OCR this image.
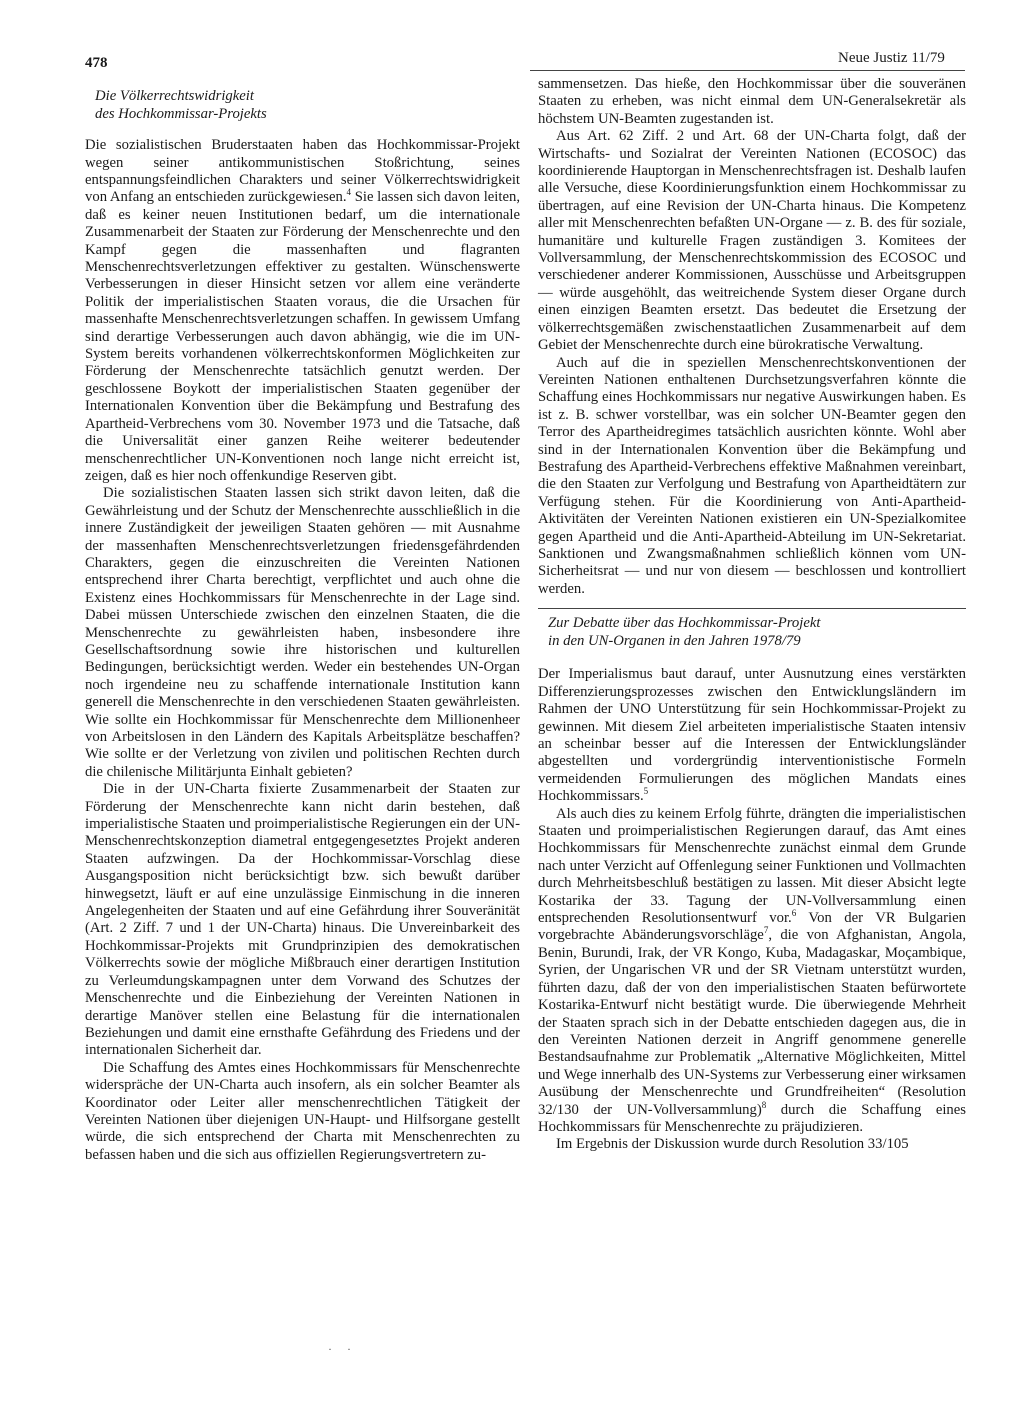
478	Neue Justiz 11/79
Die Völkerrechtswidrigkeit
des Hochkommissar-Projekts

Die sozialistischen Bruderstaaten haben das Hochkommissar-Projekt wegen seiner antikommunistischen Stoßrichtung, seines entspannungsfeindlichen Charakters und seiner Völkerrechtswidrigkeit von Anfang an entschieden zurückgewiesen.$^4$ Sie lassen sich davon leiten, daß es keiner neuen Institutionen bedarf, um die internationale Zusammenarbeit der Staaten zur Förderung der Menschenrechte und den Kampf gegen die massenhaften und flagranten Menschenrechtsverletzungen effektiver zu gestalten. Wünschenswerte Verbesserungen in dieser Hinsicht setzen vor allem eine veränderte Politik der imperialistischen Staaten voraus, die die Ursachen für massenhafte Menschenrechtsverletzungen schaffen. In gewissem Umfang sind derartige Verbesserungen auch davon abhängig, wie die im UN-System bereits vorhandenen völkerrechtskonformen Möglichkeiten zur Förderung der Menschenrechte tatsächlich genutzt werden. Der geschlossene Boykott der imperialistischen Staaten gegenüber der Internationalen Konvention über die Bekämpfung und Bestrafung des Apartheid-Verbrechens vom 30. November 1973 und die Tatsache, daß die Universalität einer ganzen Reihe weiterer bedeutender menschenrechtlicher UN-Konventionen noch lange nicht erreicht ist, zeigen, daß es hier noch offenkundige Reserven gibt.

Die sozialistischen Staaten lassen sich strikt davon leiten, daß die Gewährleistung und der Schutz der Menschenrechte ausschließlich in die innere Zuständigkeit der jeweiligen Staaten gehören — mit Ausnahme der massenhaften Menschenrechtsverletzungen friedensgefährdenden Charakters, gegen die einzuschreiten die Vereinten Nationen entsprechend ihrer Charta berechtigt, verpflichtet und auch ohne die Existenz eines Hochkommissars für Menschenrechte in der Lage sind. Dabei müssen Unterschiede zwischen den einzelnen Staaten, die die Menschenrechte zu gewährleisten haben, insbesondere ihre Gesellschaftsordnung sowie ihre historischen und kulturellen Bedingungen, berücksichtigt werden. Weder ein bestehendes UN-Organ noch irgendeine neu zu schaffende internationale Institution kann generell die Menschenrechte in den verschiedenen Staaten gewährleisten. Wie sollte ein Hochkommissar für Menschenrechte dem Millionenheer von Arbeitslosen in den Ländern des Kapitals Arbeitsplätze beschaffen? Wie sollte er der Verletzung von zivilen und politischen Rechten durch die chilenische Militärjunta Einhalt gebieten?

Die in der UN-Charta fixierte Zusammenarbeit der Staaten zur Förderung der Menschenrechte kann nicht darin bestehen, daß imperialistische Staaten und proimperialistische Regierungen ein der UN-Menschenrechtskonzeption diametral entgegengesetztes Projekt anderen Staaten aufzwingen. Da der Hochkommissar-Vorschlag diese Ausgangsposition nicht berücksichtigt bzw. sich bewußt darüber hinwegsetzt, läuft er auf eine unzulässige Einmischung in die inneren Angelegenheiten der Staaten und auf eine Gefährdung ihrer Souveränität (Art. 2 Ziff. 7 und 1 der UN-Charta) hinaus. Die Unvereinbarkeit des Hochkommissar-Projekts mit Grundprinzipien des demokratischen Völkerrechts sowie der mögliche Mißbrauch einer derartigen Institution zu Verleumdungskampagnen unter dem Vorwand des Schutzes der Menschenrechte und die Einbeziehung der Vereinten Nationen in derartige Manöver stellen eine Belastung für die internationalen Beziehungen und damit eine ernsthafte Gefährdung des Friedens und der internationalen Sicherheit dar.

Die Schaffung des Amtes eines Hochkommissars für Menschenrechte widerspräche der UN-Charta auch insofern, als ein solcher Beamter als Koordinator oder Leiter aller menschenrechtlichen Tätigkeit der Vereinten Nationen über diejenigen UN-Haupt- und Hilfsorgane gestellt würde, die sich entsprechend der Charta mit Menschenrechten zu befassen haben und die sich aus offiziellen Regierungsvertretern zu-

sammensetzen. Das hieße, den Hochkommissar über die souveränen Staaten zu erheben, was nicht einmal dem UN-Generalsekretär als höchstem UN-Beamten zugestanden ist.

Aus Art. 62 Ziff. 2 und Art. 68 der UN-Charta folgt, daß der Wirtschafts- und Sozialrat der Vereinten Nationen (ECOSOC) das koordinierende Hauptorgan in Menschenrechtsfragen ist. Deshalb laufen alle Versuche, diese Koordinierungsfunktion einem Hochkommissar zu übertragen, auf eine Revision der UN-Charta hinaus. Die Kompetenz aller mit Menschenrechten befaßten UN-Organe — z. B. des für soziale, humanitäre und kulturelle Fragen zuständigen 3. Komitees der Vollversammlung, der Menschenrechtskommission des ECOSOC und verschiedener anderer Kommissionen, Ausschüsse und Arbeitsgruppen — würde ausgehöhlt, das weitreichende System dieser Organe durch einen einzigen Beamten ersetzt. Das bedeutet die Ersetzung der völkerrechtsgemäßen zwischenstaatlichen Zusammenarbeit auf dem Gebiet der Menschenrechte durch eine bürokratische Verwaltung.

Auch auf die in speziellen Menschenrechtskonventionen der Vereinten Nationen enthaltenen Durchsetzungsverfahren könnte die Schaffung eines Hochkommissars nur negative Auswirkungen haben. Es ist z. B. schwer vorstellbar, was ein solcher UN-Beamter gegen den Terror des Apartheidregimes tatsächlich ausrichten könnte. Wohl aber sind in der Internationalen Konvention über die Bekämpfung und Bestrafung des Apartheid-Verbrechens effektive Maßnahmen vereinbart, die den Staaten zur Verfolgung und Bestrafung von Apartheidtätern zur Verfügung stehen. Für die Koordinierung von Anti-Apartheid-Aktivitäten der Vereinten Nationen existieren ein UN-Spezialkomitee gegen Apartheid und die Anti-Apartheid-Abteilung im UN-Sekretariat. Sanktionen und Zwangsmaßnahmen schließlich können vom UN-Sicherheitsrat — und nur von diesem — beschlossen und kontrolliert werden.

Zur Debatte über das Hochkommissar-Projekt
in den UN-Organen in den Jahren 1978/79

Der Imperialismus baut darauf, unter Ausnutzung eines verstärkten Differenzierungsprozesses zwischen den Entwicklungsländern im Rahmen der UNO Unterstützung für sein Hochkommissar-Projekt zu gewinnen. Mit diesem Ziel arbeiteten imperialistische Staaten intensiv an scheinbar besser auf die Interessen der Entwicklungsländer abgestellten und vordergründig interventionistische Formeln vermeidenden Formulierungen des möglichen Mandats eines Hochkommissars.$^5$

Als auch dies zu keinem Erfolg führte, drängten die imperialistischen Staaten und proimperialistischen Regierungen darauf, das Amt eines Hochkommissars für Menschenrechte zunächst einmal dem Grunde nach unter Verzicht auf Offenlegung seiner Funktionen und Vollmachten durch Mehrheitsbeschluß bestätigen zu lassen. Mit dieser Absicht legte Kostarika der 33. Tagung der UN-Vollversammlung einen entsprechenden Resolutionsentwurf vor.$^6$ Von der VR Bulgarien vorgebrachte Abänderungsvorschläge$^7$, die von Afghanistan, Angola, Benin, Burundi, Irak, der VR Kongo, Kuba, Madagaskar, Moçambique, Syrien, der Ungarischen VR und der SR Vietnam unterstützt wurden, führten dazu, daß der von den imperialistischen Staaten befürwortete Kostarika-Entwurf nicht bestätigt wurde. Die überwiegende Mehrheit der Staaten sprach sich in der Debatte entschieden dagegen aus, die in den Vereinten Nationen derzeit in Angriff genommene generelle Bestandsaufnahme zur Problematik „Alternative Möglichkeiten, Mittel und Wege innerhalb des UN-Systems zur Verbesserung einer wirksamen Ausübung der Menschenrechte und Grundfreiheiten“ (Resolution 32/130 der UN-Vollversammlung)$^8$ durch die Schaffung eines Hochkommissars für Menschenrechte zu präjudizieren.

Im Ergebnis der Diskussion wurde durch Resolution 33/105

· ·
